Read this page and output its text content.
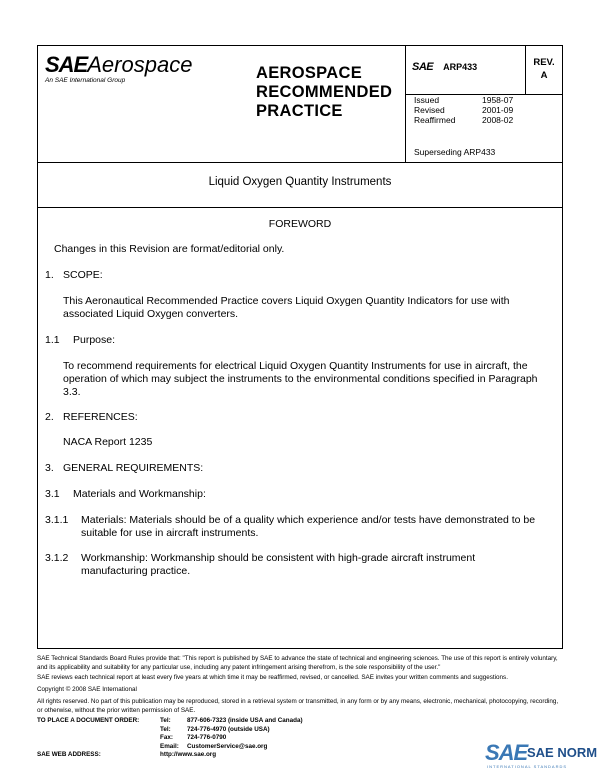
SAEAerospace
An SAE International Group	AEROSPACE
RECOMMENDED
PRACTICE
SAE ARP433	REV.
A
Issued	1958-07
Revised	2001-09
Reaffirmed	2008-02
Superseding ARP433
Liquid Oxygen Quantity Instruments
FOREWORD
Changes in this Revision are format/editorial only.
1. SCOPE:
This Aeronautical Recommended Practice covers Liquid Oxygen Quantity Indicators for use with associated Liquid Oxygen converters.
1.1 Purpose:
To recommend requirements for electrical Liquid Oxygen Quantity Instruments for use in aircraft, the operation of which may subject the instruments to the environmental conditions specified in Paragraph 3.3.
2. REFERENCES:
NACA Report 1235
3. GENERAL REQUIREMENTS:
3.1 Materials and Workmanship:
3.1.1 Materials: Materials should be of a quality which experience and/or tests have demonstrated to be suitable for use in aircraft instruments.
3.1.2 Workmanship: Workmanship should be consistent with high-grade aircraft instrument manufacturing practice.
SAE Technical Standards Board Rules provide that: "This report is published by SAE to advance the state of technical and engineering sciences. The use of this report is entirely voluntary, and its applicability and suitability for any particular use, including any patent infringement arising therefrom, is the sole responsibility of the user."
SAE reviews each technical report at least every five years at which time it may be reaffirmed, revised, or cancelled. SAE invites your written comments and suggestions.
Copyright © 2008 SAE International
All rights reserved. No part of this publication may be reproduced, stored in a retrieval system or transmitted, in any form or by any means, electronic, mechanical, photocopying, recording, or otherwise, without the prior written permission of SAE.
TO PLACE A DOCUMENT ORDER:	Tel:	877-606-7323 (inside USA and Canada)
Tel:	724-776-4970 (outside USA)
Fax: 724-776-0790
Email: CustomerService@sae.org
SAE WEB ADDRESS:	http://www.sae.org	SAE SAE NORM
INTERNATIONAL STANDARDS
